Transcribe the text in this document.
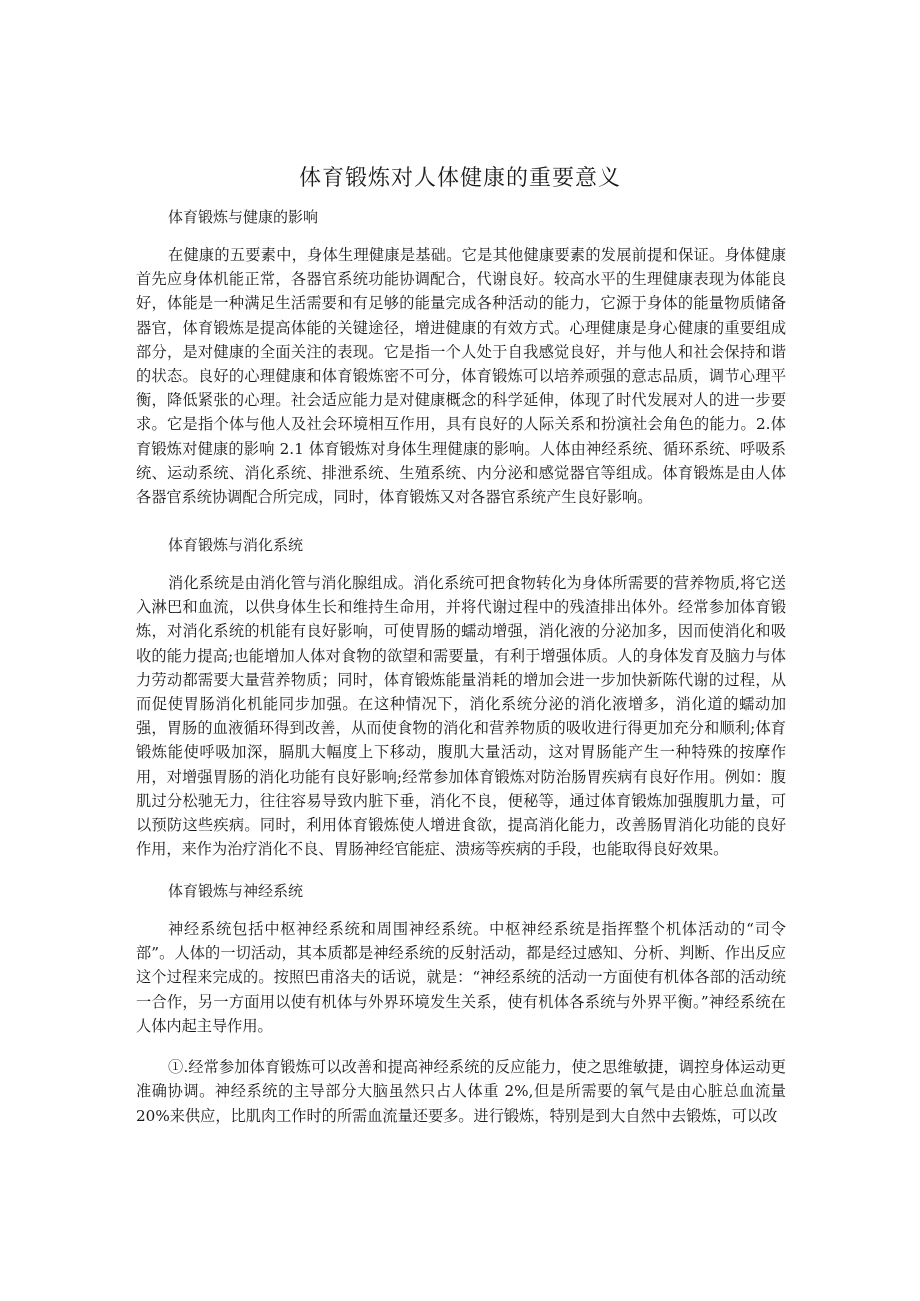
体育锻炼对人体健康的重要意义
体育锻炼与健康的影响

在健康的五要素中，身体生理健康是基础。它是其他健康要素的发展前提和保证。身体健康首先应身体机能正常，各器官系统功能协调配合，代谢良好。较高水平的生理健康表现为体能良好，体能是一种满足生活需要和有足够的能量完成各种活动的能力，它源于身体的能量物质储备器官，体育锻炼是提高体能的关键途径，增进健康的有效方式。心理健康是身心健康的重要组成部分，是对健康的全面关注的表现。它是指一个人处于自我感觉良好，并与他人和社会保持和谐的状态。良好的心理健康和体育锻炼密不可分，体育锻炼可以培养顽强的意志品质，调节心理平衡，降低紧张的心理。社会适应能力是对健康概念的科学延伸，体现了时代发展对人的进一步要求。它是指个体与他人及社会环境相互作用，具有良好的人际关系和扮演社会角色的能力。2.体育锻炼对健康的影响 2.1 体育锻炼对身体生理健康的影响。人体由神经系统、循环系统、呼吸系统、运动系统、消化系统、排泄系统、生殖系统、内分泌和感觉器官等组成。体育锻炼是由人体各器官系统协调配合所完成，同时，体育锻炼又对各器官系统产生良好影响。

体育锻炼与消化系统

消化系统是由消化管与消化腺组成。消化系统可把食物转化为身体所需要的营养物质,将它送入淋巴和血流，以供身体生长和维持生命用，并将代谢过程中的残渣排出体外。经常参加体育锻炼，对消化系统的机能有良好影响，可使胃肠的蠕动增强，消化液的分泌加多，因而使消化和吸收的能力提高;也能增加人体对食物的欲望和需要量，有利于增强体质。人的身体发育及脑力与体力劳动都需要大量营养物质；同时，体育锻炼能量消耗的增加会进一步加快新陈代谢的过程，从而促使胃肠消化机能同步加强。在这种情况下，消化系统分泌的消化液增多，消化道的蠕动加强，胃肠的血液循环得到改善，从而使食物的消化和营养物质的吸收进行得更加充分和顺利;体育锻炼能使呼吸加深，膈肌大幅度上下移动，腹肌大量活动，这对胃肠能产生一种特殊的按摩作用，对增强胃肠的消化功能有良好影响;经常参加体育锻炼对防治肠胃疾病有良好作用。例如：腹肌过分松驰无力，往往容易导致内脏下垂，消化不良，便秘等，通过体育锻炼加强腹肌力量，可以预防这些疾病。同时，利用体育锻炼使人增进食欲，提高消化能力，改善肠胃消化功能的良好作用，来作为治疗消化不良、胃肠神经官能症、溃疡等疾病的手段，也能取得良好效果。

体育锻炼与神经系统

神经系统包括中枢神经系统和周围神经系统。中枢神经系统是指挥整个机体活动的“司令部”。人体的一切活动，其本质都是神经系统的反射活动，都是经过感知、分析、判断、作出反应这个过程来完成的。按照巴甫洛夫的话说，就是：“神经系统的活动一方面使有机体各部的活动统一合作，另一方面用以使有机体与外界环境发生关系，使有机体各系统与外界平衡。”神经系统在人体内起主导作用。

①.经常参加体育锻炼可以改善和提高神经系统的反应能力，使之思维敏捷，调控身体运动更准确协调。神经系统的主导部分大脑虽然只占人体重 2%,但是所需要的氧气是由心脏总血流量 20%来供应，比肌肉工作时的所需血流量还要多。进行锻炼，特别是到大自然中去锻炼，可以改
